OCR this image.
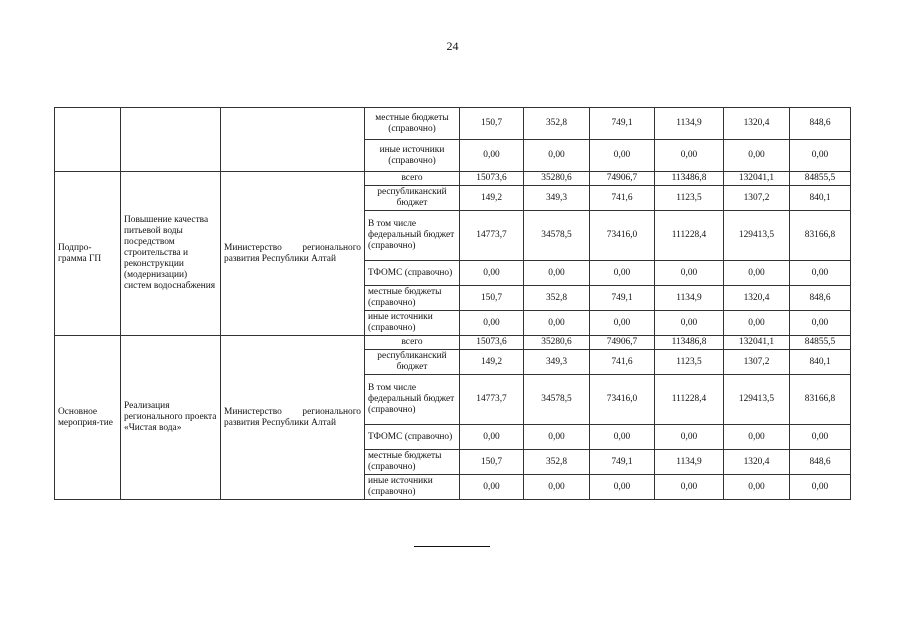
24
			местные бюджеты (справочно)	150,7	352,8	749,1	1134,9	1320,4	848,6
			иные источники (справочно)	0,00	0,00	0,00	0,00	0,00	0,00
Подпро-грамма ГП	Повышение качества питьевой воды посредством строительства и реконструкции (модернизации) систем водоснабжения	Министерство регионального развития Республики Алтай	всего	15073,6	35280,6	74906,7	113486,8	132041,1	84855,5
			республиканский бюджет	149,2	349,3	741,6	1123,5	1307,2	840,1
			В том числе федеральный бюджет (справочно)	14773,7	34578,5	73416,0	111228,4	129413,5	83166,8
			ТФОМС (справочно)	0,00	0,00	0,00	0,00	0,00	0,00
			местные бюджеты (справочно)	150,7	352,8	749,1	1134,9	1320,4	848,6
			иные источники (справочно)	0,00	0,00	0,00	0,00	0,00	0,00
Основное мероприя-тие	Реализация регионального проекта «Чистая вода»	Министерство регионального развития Республики Алтай	всего	15073,6	35280,6	74906,7	113486,8	132041,1	84855,5
			республиканский бюджет	149,2	349,3	741,6	1123,5	1307,2	840,1
			В том числе федеральный бюджет (справочно)	14773,7	34578,5	73416,0	111228,4	129413,5	83166,8
			ТФОМС (справочно)	0,00	0,00	0,00	0,00	0,00	0,00
			местные бюджеты (справочно)	150,7	352,8	749,1	1134,9	1320,4	848,6
			иные источники (справочно)	0,00	0,00	0,00	0,00	0,00	0,00
